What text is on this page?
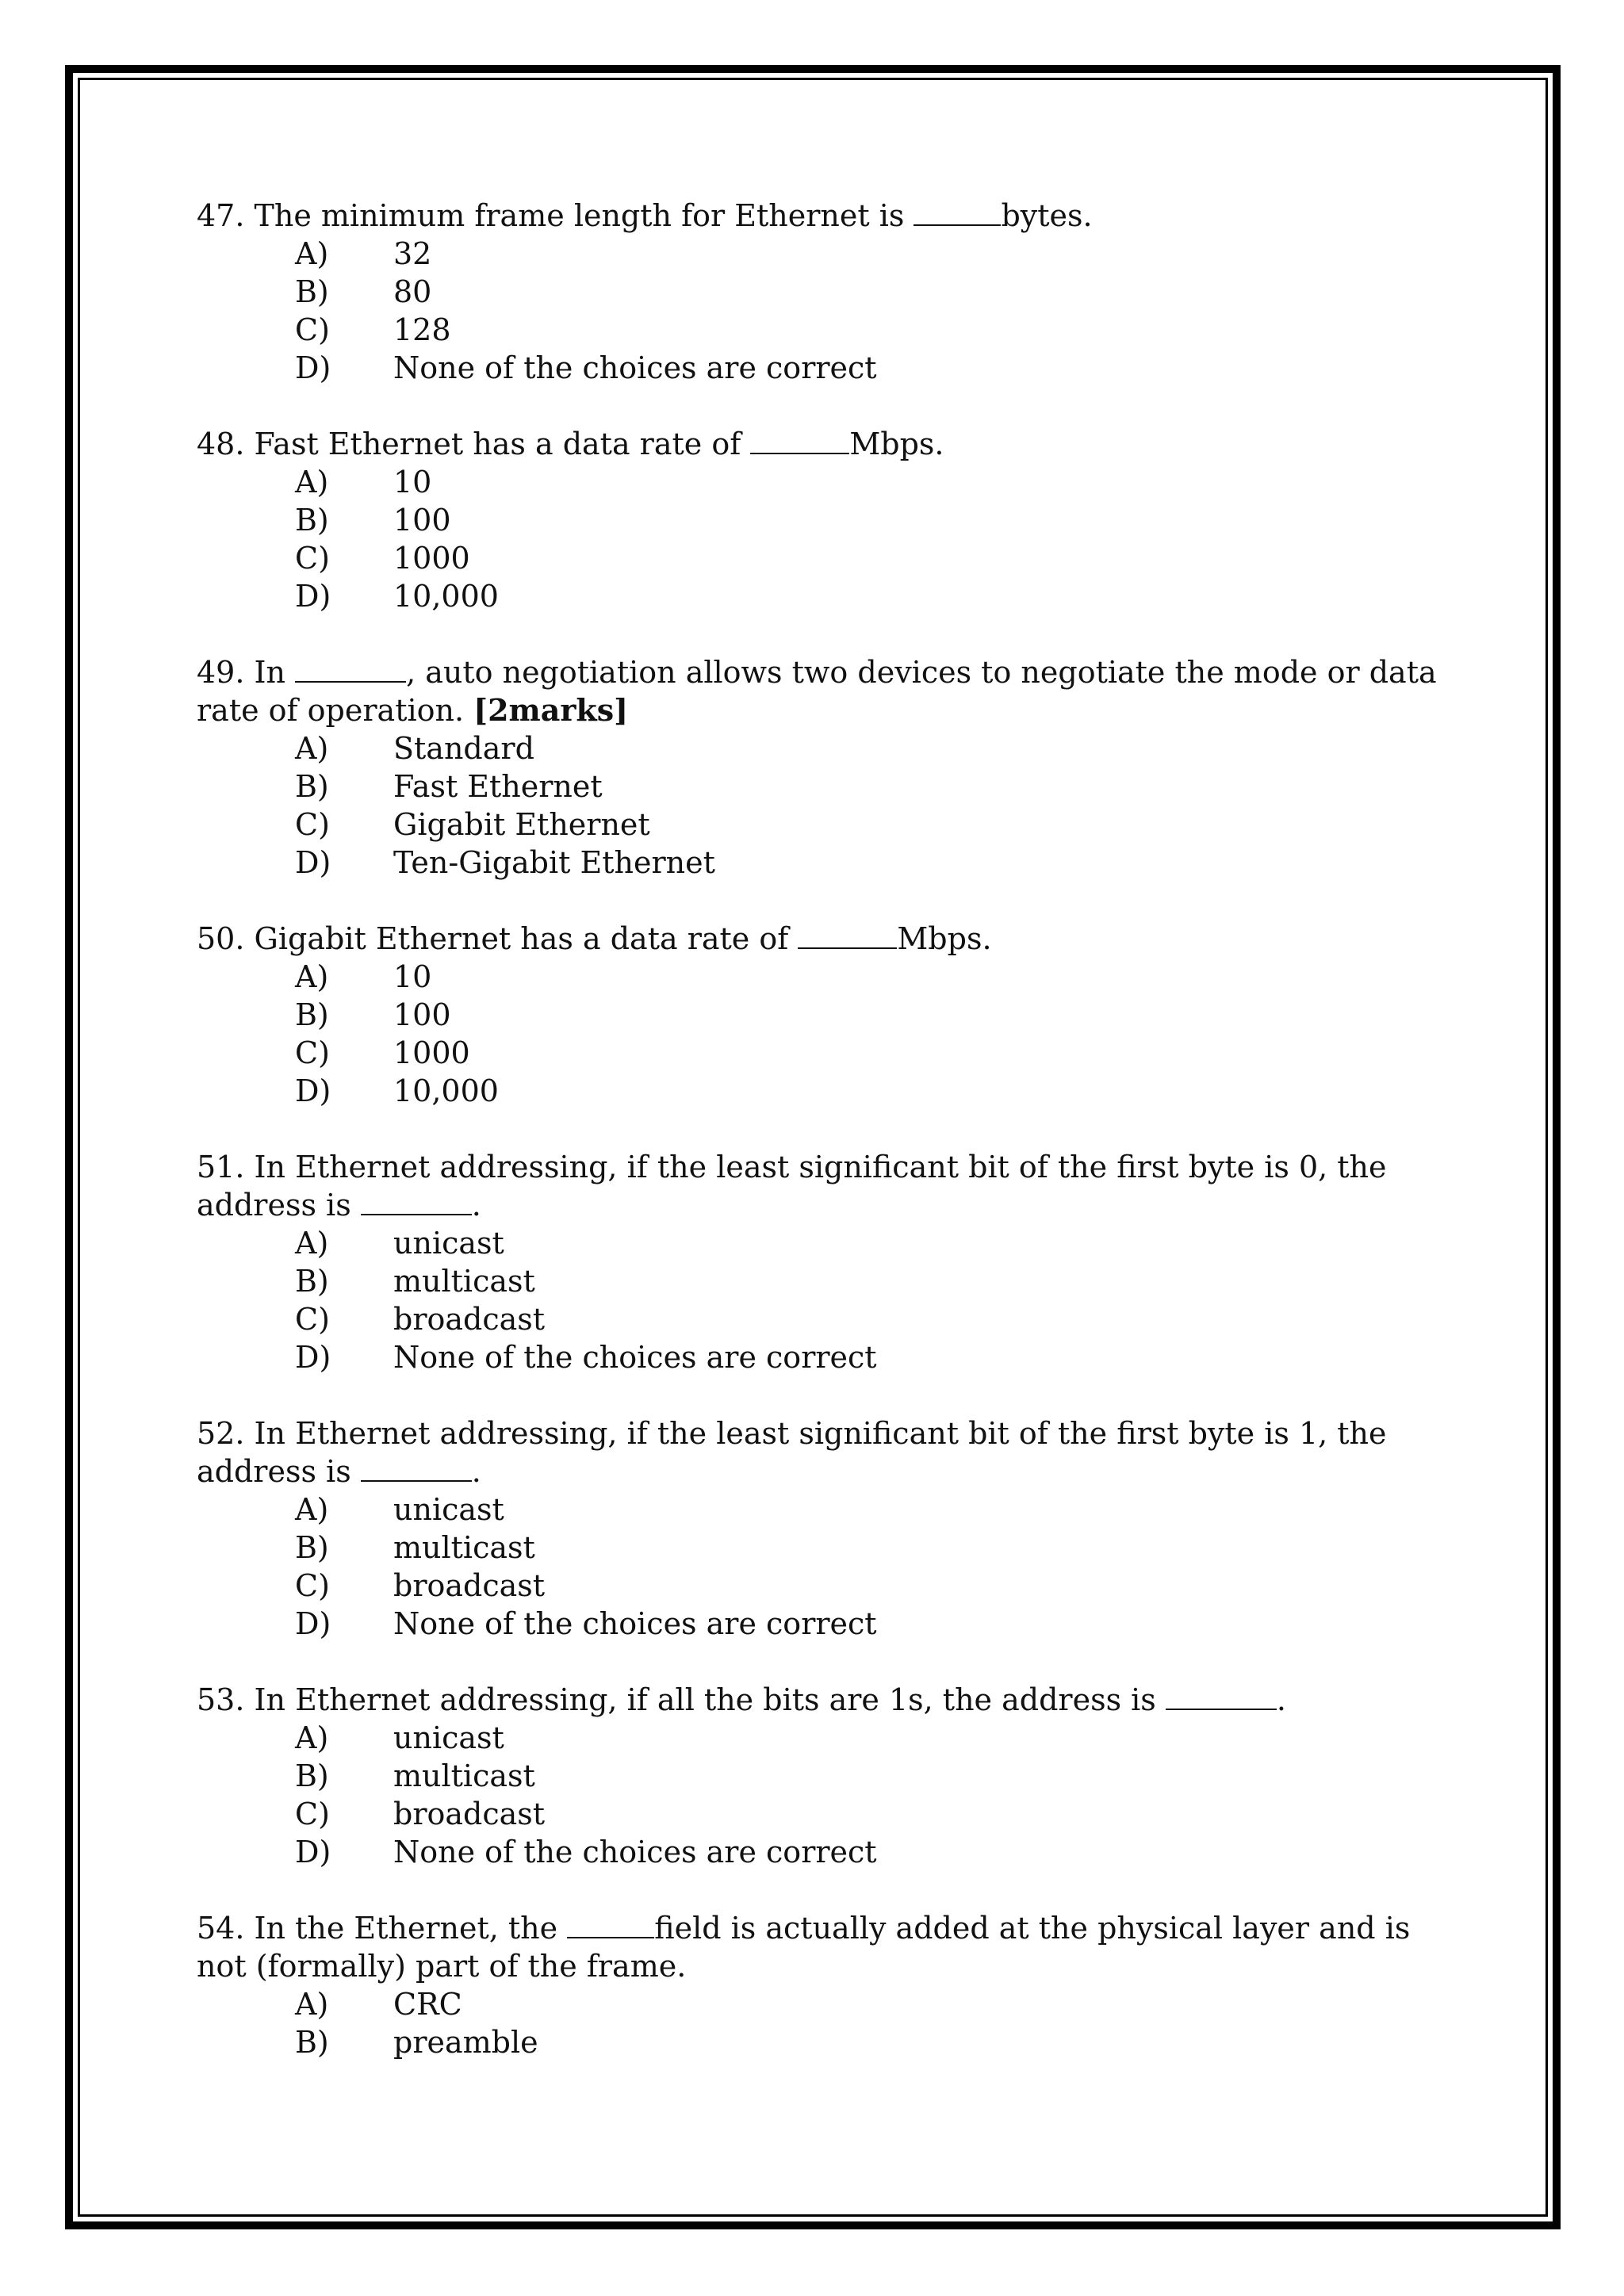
47. The minimum frame length for Ethernet is	bytes.

A)	32
B)	80
C)	128
D)	None of the choices are correct

48. Fast Ethernet has a data rate of	Mbps.

A)	10
B)	100
C)	1000
D)	10,000

49. In	, auto negotiation allows two devices to negotiate the mode or data rate of operation. [2marks]

A)	Standard
B)	Fast Ethernet
C)	Gigabit Ethernet
D)	Ten-Gigabit Ethernet

50. Gigabit Ethernet has a data rate of	Mbps.

A)	10
B)	100
C)	1000
D)	10,000

51. In Ethernet addressing, if the least significant bit of the first byte is 0, the address is	.

A)	unicast
B)	multicast
C)	broadcast
D)	None of the choices are correct

52. In Ethernet addressing, if the least significant bit of the first byte is 1, the address is	.

A)	unicast
B)	multicast
C)	broadcast
D)	None of the choices are correct

53. In Ethernet addressing, if all the bits are 1s, the address is	.

A)	unicast
B)	multicast
C)	broadcast
D)	None of the choices are correct

54. In the Ethernet, the	field is actually added at the physical layer and is not (formally) part of the frame.

A)	CRC
B)	preamble
